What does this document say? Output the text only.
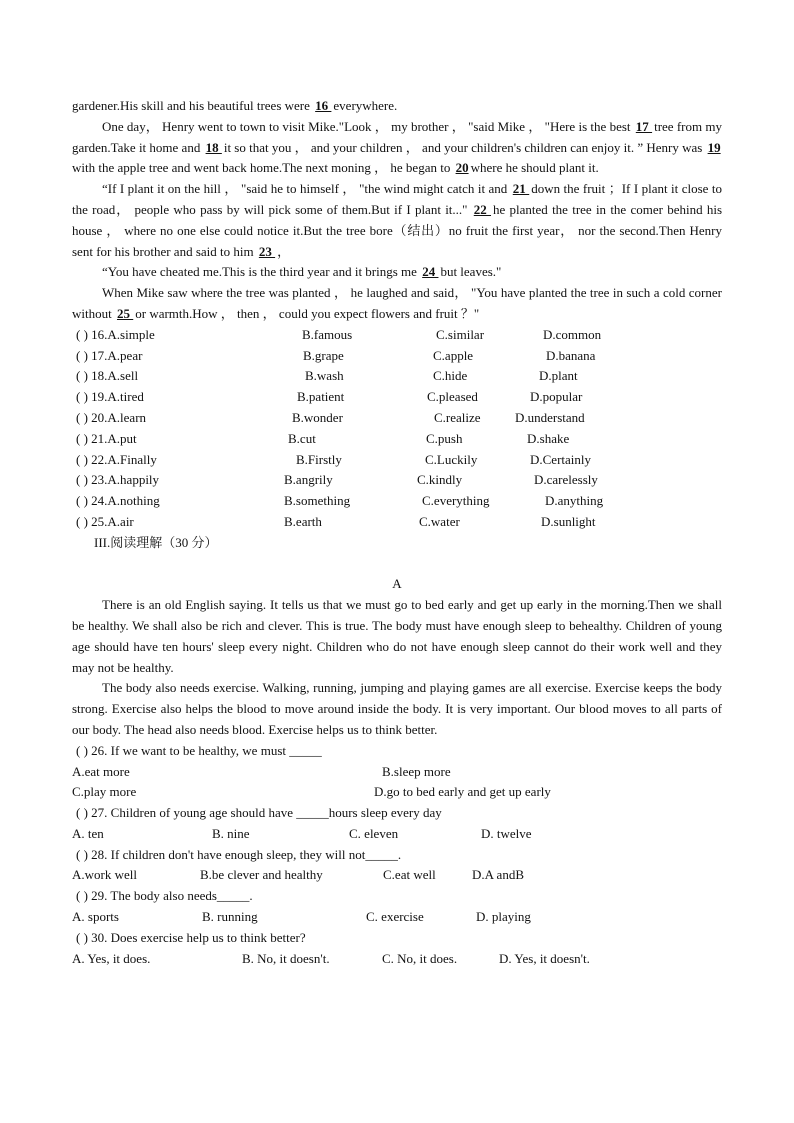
gardener.His skill and his beautiful trees were 16 everywhere.

One day， Henry went to town to visit Mike."Look ， my brother ， "said Mike ， "Here is the best 17 tree from my garden.Take it home and 18 it so that you ， and your children ， and your children's children can enjoy it. ” Henry was 19 with the apple tree and went back home.The next moning ， he began to 20 where he should plant it.

“If I plant it on the hill ， "said he to himself ， "the wind might catch it and 21 down the fruit ；If I plant it close to the road， people who pass by will pick some of them.But if I plant it..." 22 he planted the tree in the comer behind his house ， where no one else could notice it.But the tree bore（结出）no fruit the first year， nor the second.Then Henry sent for his brother and said to him 23 ，

“You have cheated me.This is the third year and it brings me 24 but leaves."

When Mike saw where the tree was planted ， he laughed and said， "You have planted the tree in such a cold corner without 25 or warmth.How ， then ， could you expect flowers and fruit ？"

( ) 16.A.simple	B.famous	C.similar	D.common
( ) 17.A.pear	B.grape	C.apple	D.banana
( ) 18.A.sell	B.wash	C.hide	D.plant
( ) 19.A.tired	B.patient	C.pleased	D.popular
( ) 20.A.learn	B.wonder	C.realize	D.understand
( ) 21.A.put	B.cut	C.push	D.shake
( ) 22.A.Finally	B.Firstly	C.Luckily	D.Certainly
( ) 23.A.happily	B.angrily	C.kindly	D.carelessly
( ) 24.A.nothing	B.something	C.everything	D.anything
( ) 25.A.air	B.earth	C.water	D.sunlight
III.阅读理解（30 分）
A

There is an old English saying. It tells us that we must go to bed early and get up early in the morning.Then we shall be healthy. We shall also be rich and clever. This is true. The body must have enough sleep to behealthy. Children of young age should have ten hours' sleep every night. Children who do not have enough sleep cannot do their work well and they may not be healthy.

The body also needs exercise. Walking, running, jumping and playing games are all exercise. Exercise keeps the body strong. Exercise also helps the blood to move around inside the body. It is very important. Our blood moves to all parts of our body. The head also needs blood. Exercise helps us to think better.

( ) 26. If we want to be healthy, we must _____
A.eat more	B.sleep more
C.play more	D.go to bed early and get up early
( ) 27. Children of young age should have _____hours sleep every day
A. ten	B. nine	C. eleven	D. twelve
( ) 28. If children don't have enough sleep, they will not_____.
A.work well	B.be clever and healthy	C.eat well	D.A andB
( ) 29. The body also needs_____.
A. sports	B. running	C. exercise	D. playing
( ) 30. Does exercise help us to think better?
A. Yes, it does.	B. No, it doesn't.	C. No, it does.	D. Yes, it doesn't.
